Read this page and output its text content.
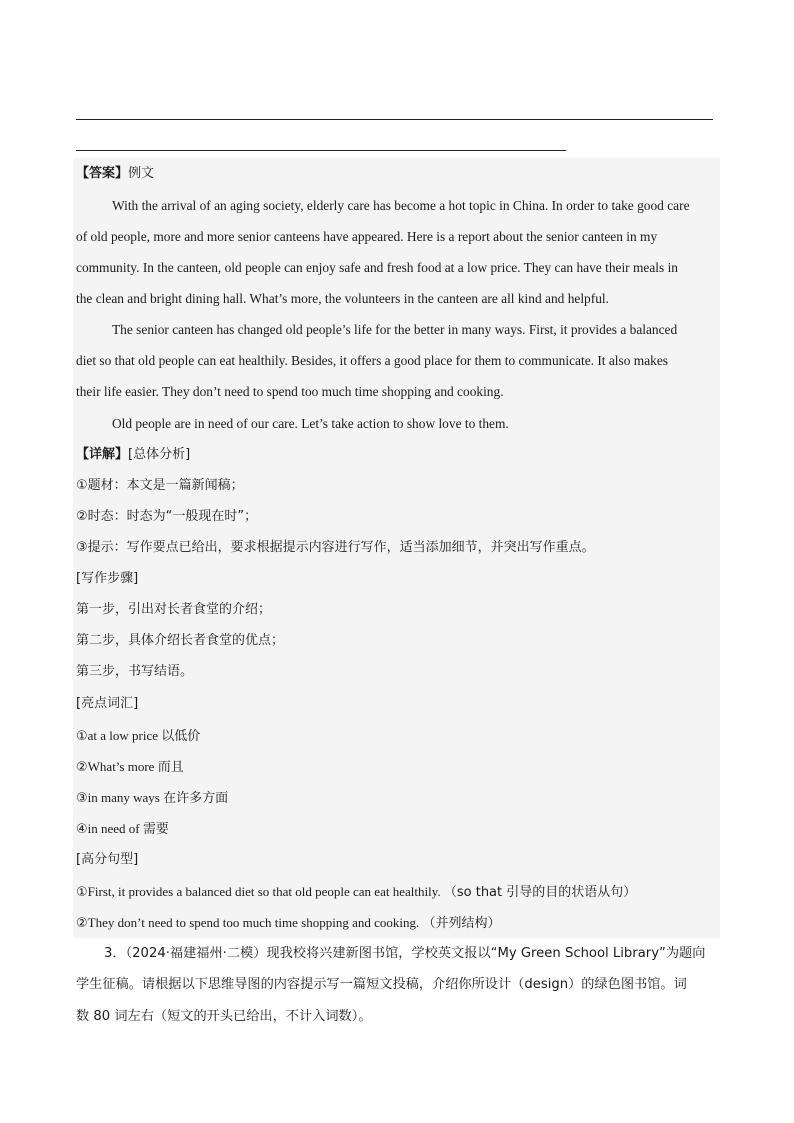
【答案】例文
With the arrival of an aging society, elderly care has become a hot topic in China. In order to take good care
of old people, more and more senior canteens have appeared. Here is a report about the senior canteen in my
community. In the canteen, old people can enjoy safe and fresh food at a low price. They can have their meals in
the clean and bright dining hall. What’s more, the volunteers in the canteen are all kind and helpful.
The senior canteen has changed old people’s life for the better in many ways. First, it provides a balanced
diet so that old people can eat healthily. Besides, it offers a good place for them to communicate. It also makes
their life easier. They don’t need to spend too much time shopping and cooking.
Old people are in need of our care. Let’s take action to show love to them.
【详解】[总体分析]
①题材：本文是一篇新闻稿；
②时态：时态为“一般现在时”；
③提示：写作要点已给出，要求根据提示内容进行写作，适当添加细节，并突出写作重点。
[写作步骤]
第一步，引出对长者食堂的介绍；
第二步，具体介绍长者食堂的优点；
第三步，书写结语。
[亮点词汇]
①at a low price 以低价
②What’s more 而且
③in many ways 在许多方面
④in need of 需要
[高分句型]
①First, it provides a balanced diet so that old people can eat healthily. （so that 引导的目的状语从句）
②They don’t need to spend too much time shopping and cooking. （并列结构）
3．（2024·福建福州·二模）现我校将兴建新图书馆，学校英文报以“My Green School Library”为题向
学生征稿。请根据以下思维导图的内容提示写一篇短文投稿，介绍你所设计（design）的绿色图书馆。词
数 80 词左右（短文的开头已给出，不计入词数）。
